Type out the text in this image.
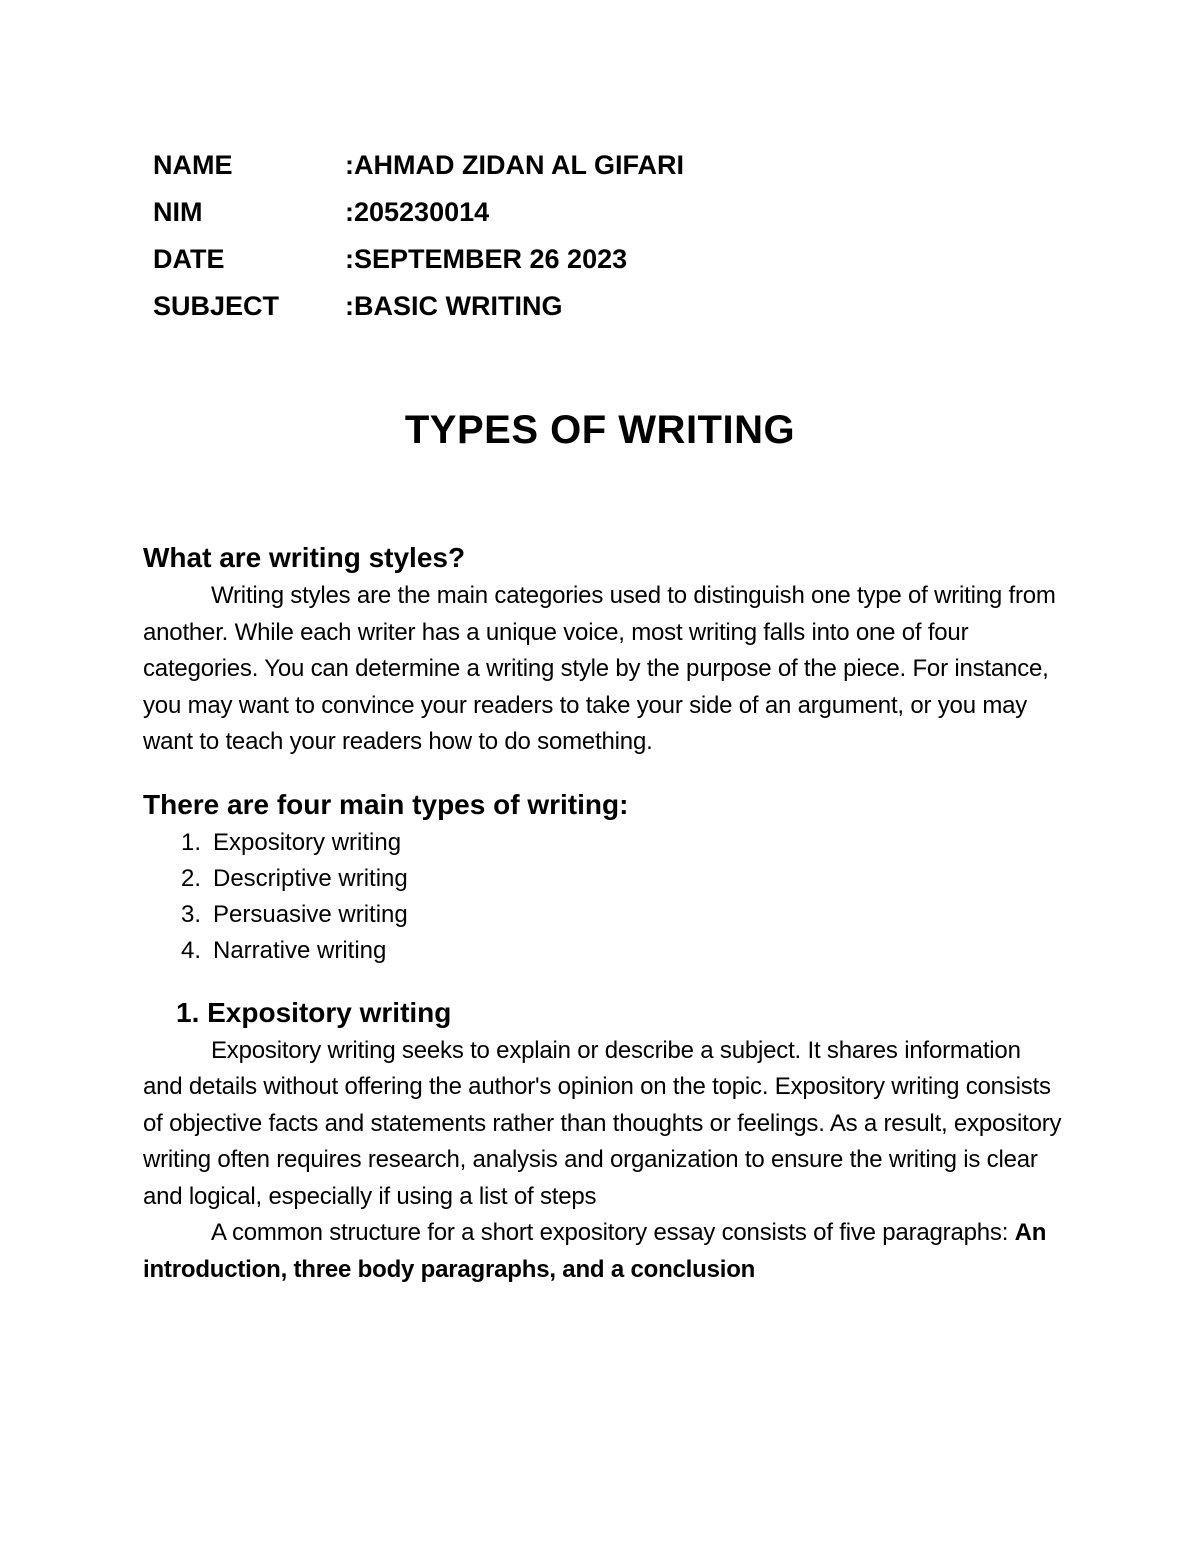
NAME	:AHMAD ZIDAN AL GIFARI
NIM	:205230014
DATE	:SEPTEMBER 26 2023
SUBJECT	:BASIC WRITING
TYPES OF WRITING
What are writing styles?

Writing styles are the main categories used to distinguish one type of writing from another. While each writer has a unique voice, most writing falls into one of four categories. You can determine a writing style by the purpose of the piece. For instance, you may want to convince your readers to take your side of an argument, or you may want to teach your readers how to do something.

There are four main types of writing:
1. Expository writing
2. Descriptive writing
3. Persuasive writing
4. Narrative writing
1. Expository writing

Expository writing seeks to explain or describe a subject. It shares information and details without offering the author's opinion on the topic. Expository writing consists of objective facts and statements rather than thoughts or feelings. As a result, expository writing often requires research, analysis and organization to ensure the writing is clear and logical, especially if using a list of steps

A common structure for a short expository essay consists of five paragraphs: An introduction, three body paragraphs, and a conclusion
